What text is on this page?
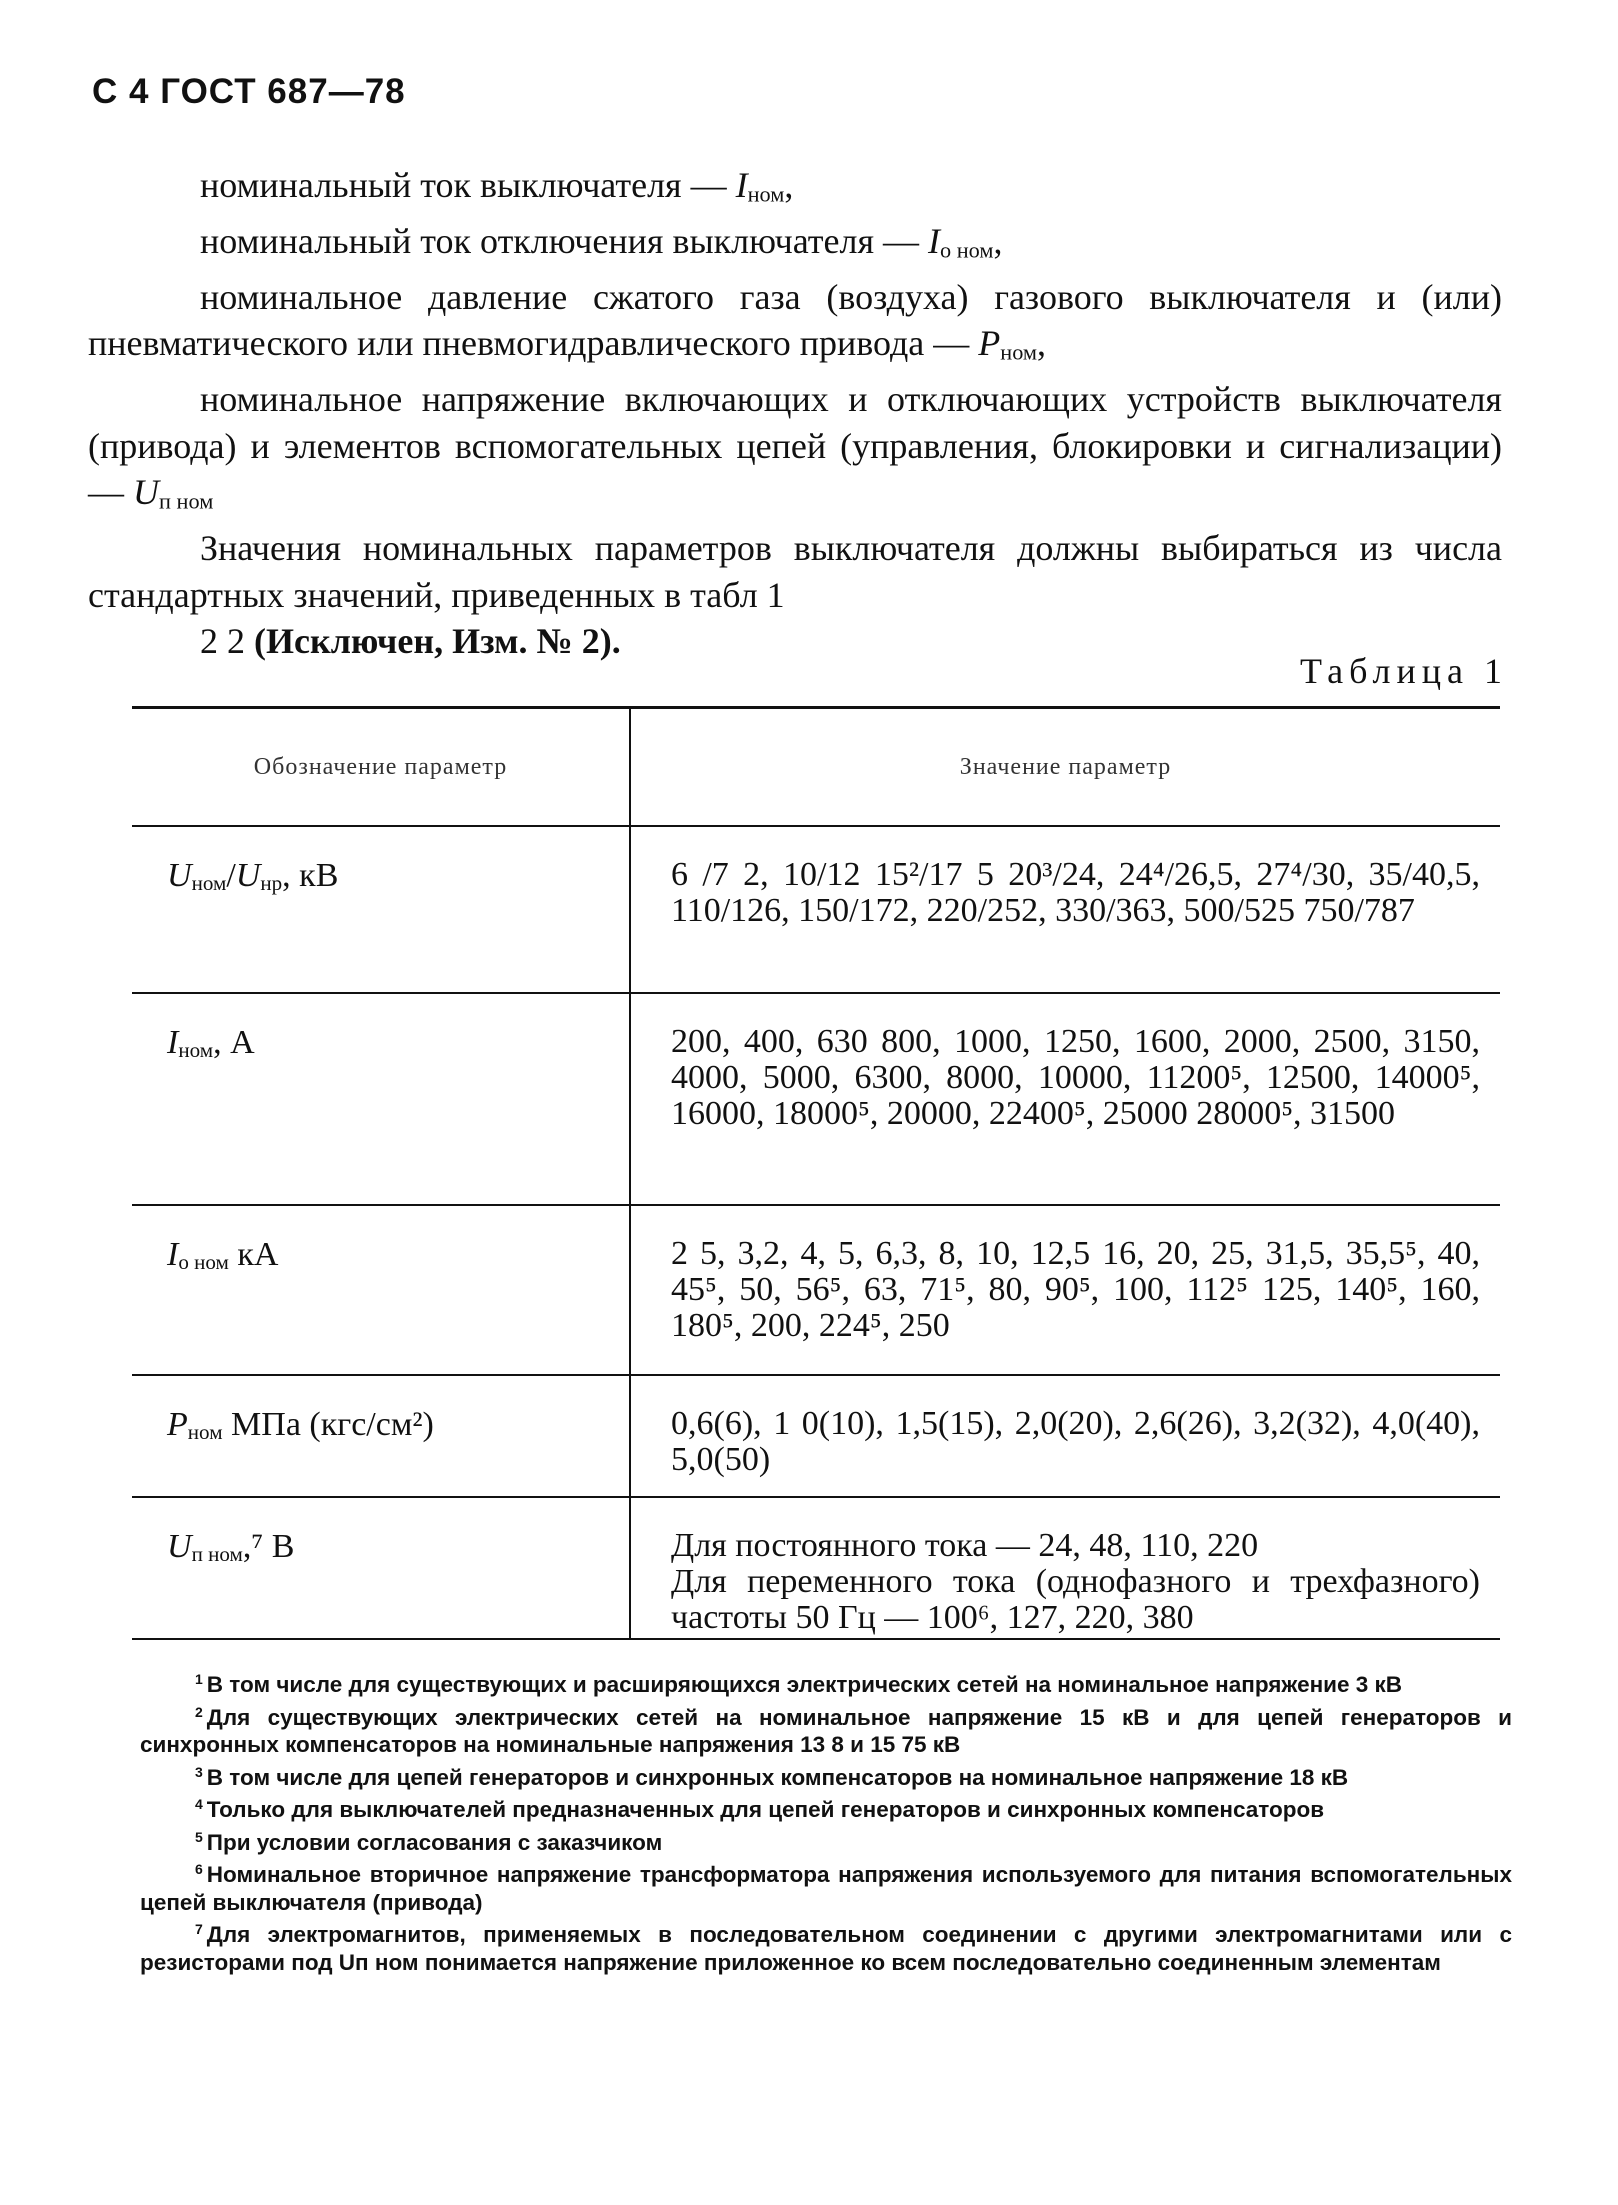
С 4 ГОСТ 687—78

номинальный ток выключателя — $I_{ном}$,

номинальный ток отключения выключателя — $I_{о ном}$,

номинальное давление сжатого газа (воздуха) газового выключателя и (или) пневматического или пневмогидравлического привода — $P_{ном}$,

номинальное напряжение включающих и отключающих устройств выключателя (привода) и элементов вспомогательных цепей (управления, блокировки и сигнализации) — $U_{п ном}$

Значения номинальных параметров выключателя должны выбираться из числа стандартных значений, приведенных в табл 1

2 2 (Исключен, Изм. № 2).

Таблица 1
Обозначение параметр	Значение параметр
$U_{ном}/U_{нр}$, кВ	6 /7 2, 10/12 15²/17 5 20³/24, 24⁴/26,5, 27⁴/30, 35/40,5, 110/126, 150/172, 220/252, 330/363, 500/525 750/787
$I_{ном}$, А	200, 400, 630 800, 1000, 1250, 1600, 2000, 2500, 3150, 4000, 5000, 6300, 8000, 10000, 11200⁵, 12500, 14000⁵, 16000, 18000⁵, 20000, 22400⁵, 25000 28000⁵, 31500
$I_{о ном}$ кА	2 5, 3,2, 4, 5, 6,3, 8, 10, 12,5 16, 20, 25, 31,5, 35,5⁵, 40, 45⁵, 50, 56⁵, 63, 71⁵, 80, 90⁵, 100, 112⁵ 125, 140⁵, 160, 180⁵, 200, 224⁵, 250
$P_{ном}$ МПа (кгс/см²)	0,6(6), 1 0(10), 1,5(15), 2,0(20), 2,6(26), 3,2(32), 4,0(40), 5,0(50)
$U_{п ном},^7$ В	Для постоянного тока — 24, 48, 110, 220
Для переменного тока (однофазного и трехфазного) частоты 50 Гц — 100⁶, 127, 220, 380

$^1$ В том числе для существующих и расширяющихся электрических сетей на номинальное напряжение 3 кВ

$^2$ Для существующих электрических сетей на номинальное напряжение 15 кВ и для цепей генераторов и синхронных компенсаторов на номинальные напряжения 13 8 и 15 75 кВ

$^3$ В том числе для цепей генераторов и синхронных компенсаторов на номинальное напряжение 18 кВ

$^4$ Только для выключателей предназначенных для цепей генераторов и синхронных компенсаторов

$^5$ При условии согласования с заказчиком

$^6$ Номинальное вторичное напряжение трансформатора напряжения используемого для питания вспомогательных цепей выключателя (привода)

$^7$ Для электромагнитов, применяемых в последовательном соединении с другими электромагнитами или с резисторами под Uп ном понимается напряжение приложенное ко всем последовательно соединенным элементам
